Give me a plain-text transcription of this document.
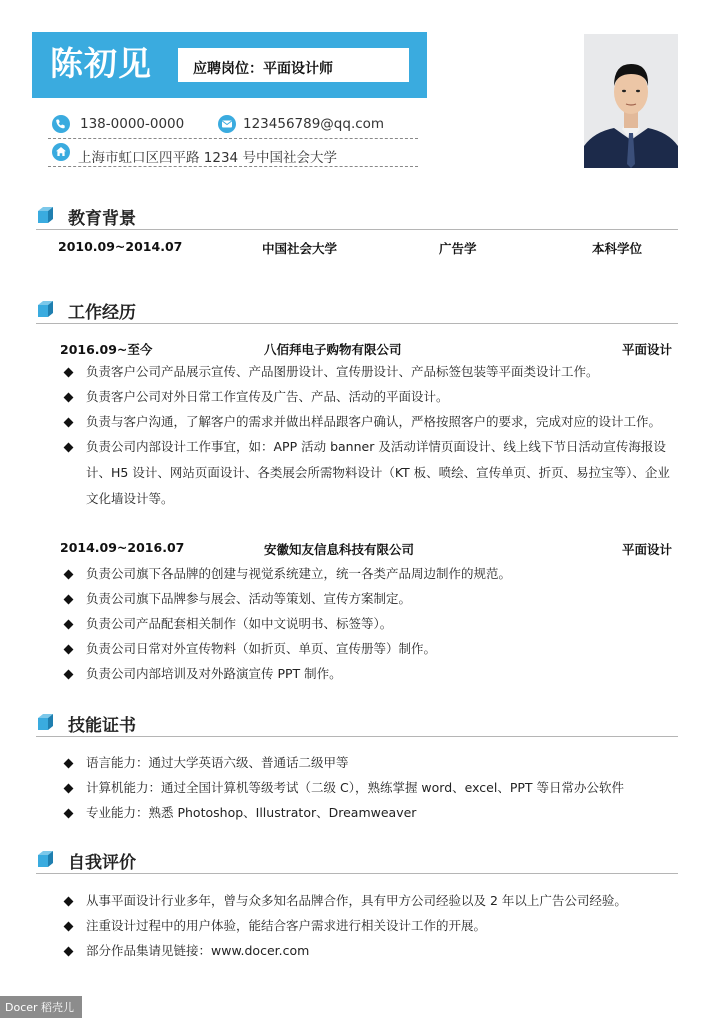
陈初见	应聘岗位：平面设计师
138-0000-0000	123456789@qq.com
上海市虹口区四平路 1234 号中国社会大学
教育背景
2010.09~2014.07	中国社会大学	广告学	本科学位
工作经历
2016.09~至今	八佰拜电子购物有限公司	平面设计
负责客户公司产品展示宣传、产品图册设计、宣传册设计、产品标签包装等平面类设计工作。
负责客户公司对外日常工作宣传及广告、产品、活动的平面设计。
负责与客户沟通，了解客户的需求并做出样品跟客户确认，严格按照客户的要求，完成对应的设计工作。
负责公司内部设计工作事宜，如：APP 活动 banner 及活动详情页面设计、线上线下节日活动宣传海报设计、H5 设计、网站页面设计、各类展会所需物料设计（KT 板、喷绘、宣传单页、折页、易拉宝等）、企业文化墙设计等。
2014.09~2016.07	安徽知友信息科技有限公司	平面设计
负责公司旗下各品牌的创建与视觉系统建立，统一各类产品周边制作的规范。
负责公司旗下品牌参与展会、活动等策划、宣传方案制定。
负责公司产品配套相关制作（如中文说明书、标签等）。
负责公司日常对外宣传物料（如折页、单页、宣传册等）制作。
负责公司内部培训及对外路演宣传 PPT 制作。
技能证书
语言能力：通过大学英语六级、普通话二级甲等
计算机能力：通过全国计算机等级考试（二级 C），熟练掌握 word、excel、PPT 等日常办公软件
专业能力：熟悉 Photoshop、Illustrator、Dreamweaver
自我评价
从事平面设计行业多年，曾与众多知名品牌合作，具有甲方公司经验以及 2 年以上广告公司经验。
注重设计过程中的用户体验，能结合客户需求进行相关设计工作的开展。
部分作品集请见链接：www.docer.com
Docer 稻壳儿
